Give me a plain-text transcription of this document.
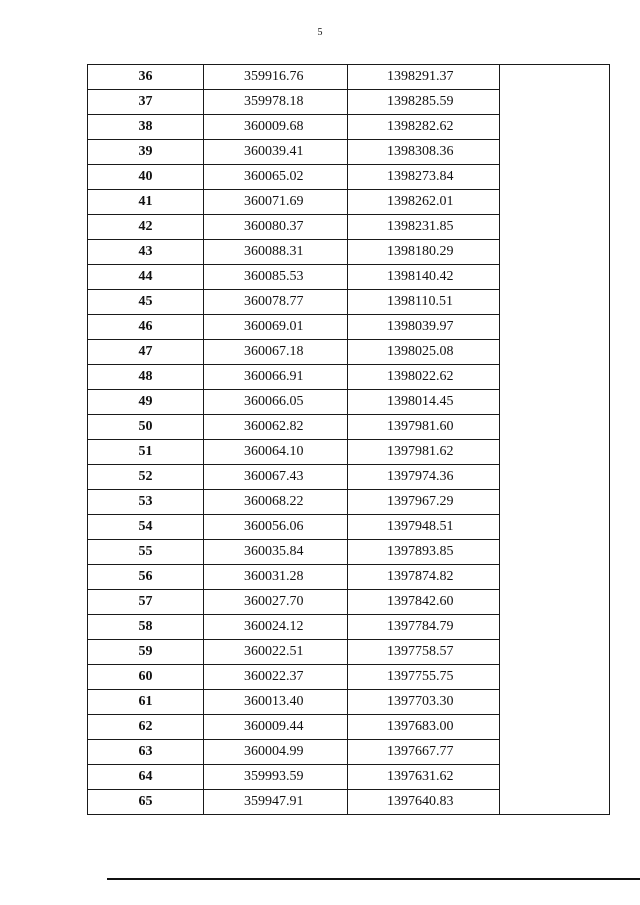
5
36	359916.76	1398291.37	
37	359978.18	1398285.59	
38	360009.68	1398282.62	
39	360039.41	1398308.36	
40	360065.02	1398273.84	
41	360071.69	1398262.01	
42	360080.37	1398231.85	
43	360088.31	1398180.29	
44	360085.53	1398140.42	
45	360078.77	1398110.51	
46	360069.01	1398039.97	
47	360067.18	1398025.08	
48	360066.91	1398022.62	
49	360066.05	1398014.45	
50	360062.82	1397981.60	
51	360064.10	1397981.62	
52	360067.43	1397974.36	
53	360068.22	1397967.29	
54	360056.06	1397948.51	
55	360035.84	1397893.85	
56	360031.28	1397874.82	
57	360027.70	1397842.60	
58	360024.12	1397784.79	
59	360022.51	1397758.57	
60	360022.37	1397755.75	
61	360013.40	1397703.30	
62	360009.44	1397683.00	
63	360004.99	1397667.77	
64	359993.59	1397631.62	
65	359947.91	1397640.83	
